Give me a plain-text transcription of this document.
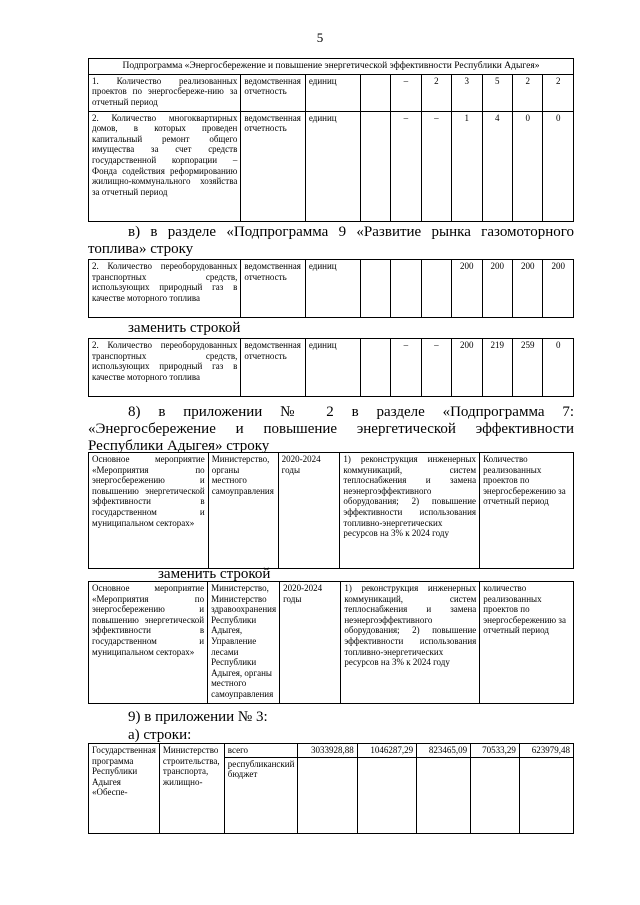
5
Подпрограмма «Энергосбережение и повышение энергетической эффективности Республики Адыгея»									
1. Количество реализованных проектов по энергосбереже-нию за отчетный период	ведомственная отчетность	единиц		–	2	3	5	2	2
2. Количество многоквартирных домов, в которых проведен капитальный ремонт общего имущества за счет средств государственной корпорации – Фонда содействия реформированию жилищно-коммунального хозяйства за отчетный период	ведомственная отчетность	единиц		–	–	1	4	0	0
в) в разделе «Подпрограмма 9 «Развитие рынка газомоторного топлива» строку
2. Количество переоборудованных транспортных средств, использующих природный газ в качестве моторного топлива	ведомственная отчетность	единиц				200	200	200	200
заменить строкой
2. Количество переоборудованных транспортных средств, использующих природный газ в качестве моторного топлива	ведомственная отчетность	единиц		–	–	200	219	259	0
8) в приложении № 2 в разделе «Подпрограмма 7: «Энергосбережение и повышение энергетической эффективности Республики Адыгея» строку
Основное мероприятие «Мероприятия по энергосбережению и повышению энергетической эффективности в государственном и муниципальном секторах»	Министерство, органы местного самоуправления	2020-2024 годы	1) реконструкция инженерных коммуникаций, систем теплоснабжения и замена неэнергоэффективного оборудования; 2) повышение эффективности использования топливно-энергетических ресурсов на 3% к 2024 году	Количество реализованных проектов по энергосбережению за отчетный период
заменить строкой
Основное мероприятие «Мероприятия по энергосбережению и повышению энергетической эффективности в государственном и муниципальном секторах»	Министерство, Министерство здравоохранения Республики Адыгея, Управление лесами Республики Адыгея, органы местного самоуправления	2020-2024 годы	1) реконструкция инженерных коммуникаций, систем теплоснабжения и замена неэнергоэффективного оборудования; 2) повышение эффективности использования топливно-энергетических ресурсов на 3% к 2024 году	количество реализованных проектов по энергосбережению за отчетный период
9) в приложении № 3:
а) строки:
Государственная программа Республики Адыгея «Обеспе-	Министерство строительства, транспорта, жилищно-	всего	3033928,88	1046287,29	823465,09	70533,29	623979,48
		республиканский бюджет					
